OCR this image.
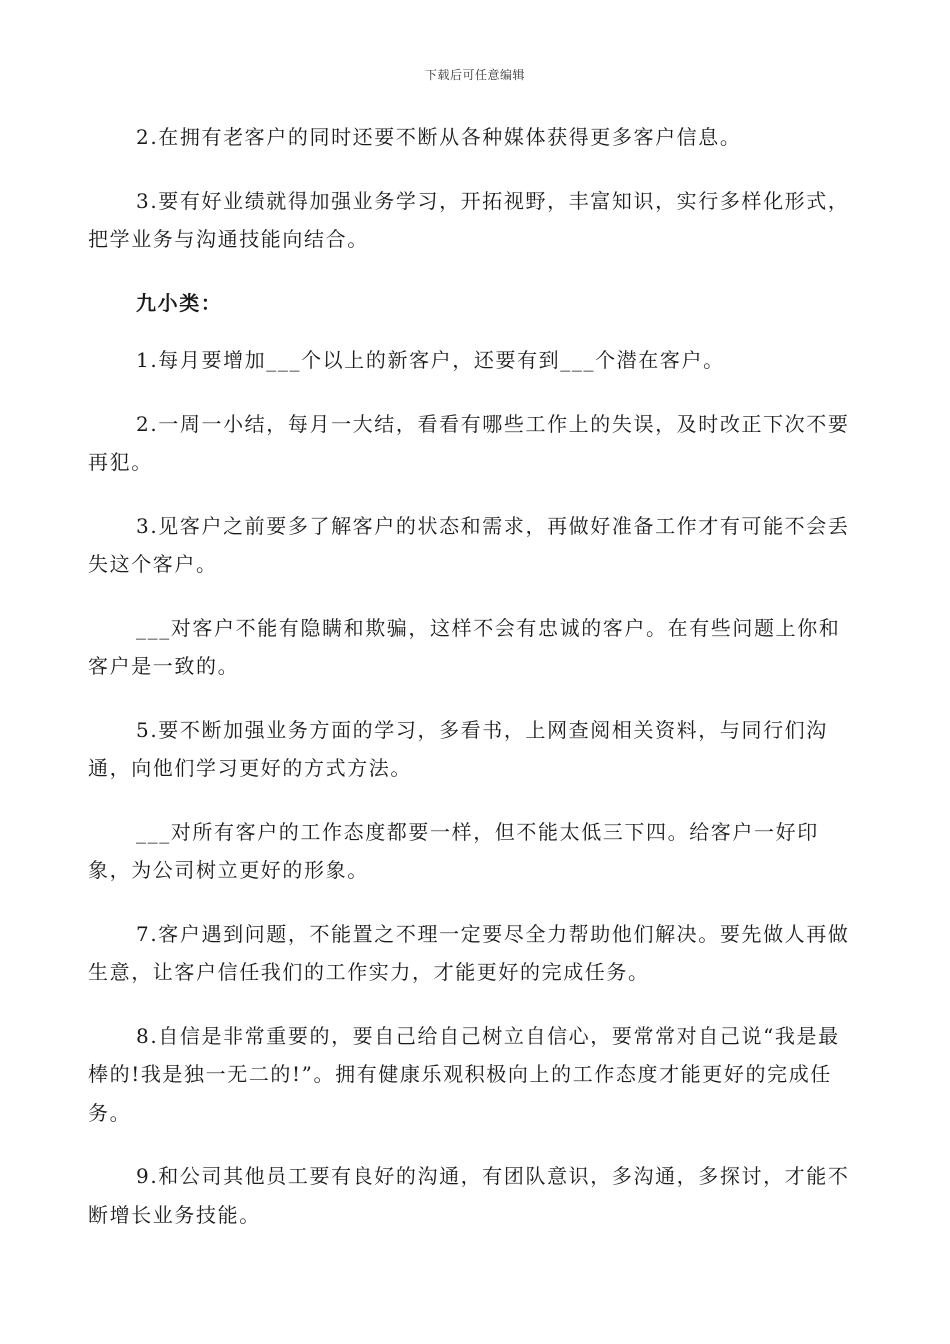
下载后可任意编辑

2.在拥有老客户的同时还要不断从各种媒体获得更多客户信息。

3.要有好业绩就得加强业务学习，开拓视野，丰富知识，实行多样化形式，把学业务与沟通技能向结合。

九小类：

1.每月要增加___个以上的新客户，还要有到___个潜在客户。

2.一周一小结，每月一大结，看看有哪些工作上的失误，及时改正下次不要再犯。

3.见客户之前要多了解客户的状态和需求，再做好准备工作才有可能不会丢失这个客户。

___对客户不能有隐瞒和欺骗，这样不会有忠诚的客户。在有些问题上你和客户是一致的。

5.要不断加强业务方面的学习，多看书，上网查阅相关资料，与同行们沟通，向他们学习更好的方式方法。

___对所有客户的工作态度都要一样，但不能太低三下四。给客户一好印象，为公司树立更好的形象。

7.客户遇到问题，不能置之不理一定要尽全力帮助他们解决。要先做人再做生意，让客户信任我们的工作实力，才能更好的完成任务。

8.自信是非常重要的，要自己给自己树立自信心，要常常对自己说“我是最棒的!我是独一无二的!”。拥有健康乐观积极向上的工作态度才能更好的完成任务。

9.和公司其他员工要有良好的沟通，有团队意识，多沟通，多探讨，才能不断增长业务技能。
